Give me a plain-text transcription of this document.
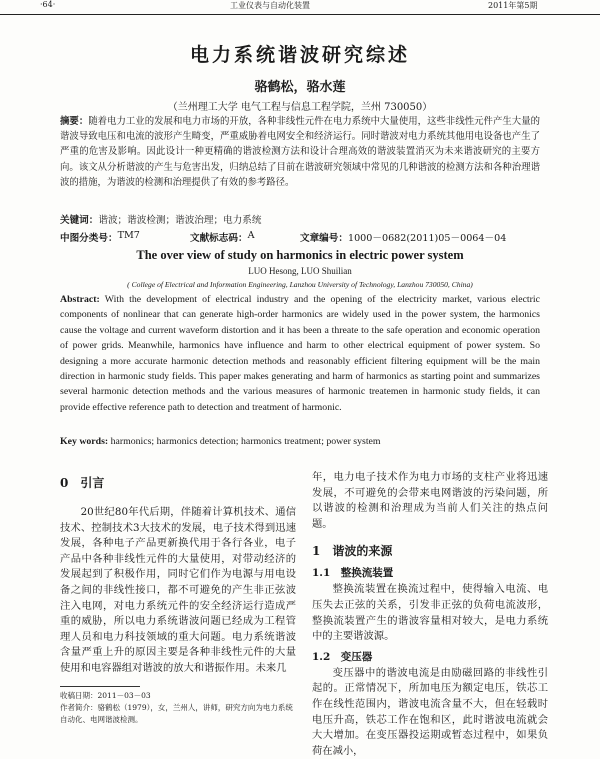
·64·	工业仪表与自动化装置	2011年第5期
电力系统谐波研究综述
骆鹤松，骆水莲
（兰州理工大学 电气工程与信息工程学院，兰州 730050）
摘要：随着电力工业的发展和电力市场的开放，各种非线性元件在电力系统中大量使用，这些非线性元件产生大量的谐波导致电压和电流的波形产生畸变，严重威胁着电网安全和经济运行。同时谐波对电力系统其他用电设备也产生了严重的危害及影响。因此设计一种更精确的谐波检测方法和设计合理高效的谐波装置消灭为未来谐波研究的主要方向。该文从分析谐波的产生与危害出发，归纳总结了目前在谐波研究领域中常见的几种谐波的检测方法和各种治理谐波的措施，为谐波的检测和治理提供了有效的参考路径。
关键词：谐波；谐波检测；谐波治理；电力系统
中图分类号： TM7	文献标志码： A	文章编号： 1000－0682(2011)05－0064－04
The over view of study on harmonics in electric power system
LUO Hesong, LUO Shuilian
( College of Electrical and Information Engineering, Lanzhou University of Technology, Lanzhou 730050, China)
Abstract: With the development of electrical industry and the opening of the electricity market, various electric components of nonlinear that can generate high-order harmonics are widely used in the power system, the harmonics cause the voltage and current waveform distortion and it has been a threate to the safe operation and economic operation of power grids. Meanwhile, harmonics have influence and harm to other electrical equipment of power system. So designing a more accurate harmonic detection methods and reasonably efficient filtering equipment will be the main direction in harmonic study fields. This paper makes generating and harm of harmonics as starting point and summarizes several harmonic detection methods and the various measures of harmonic treatemen in harmonic study fields, it can provide effective reference path to detection and treatment of harmonic.
Key words: harmonics; harmonics detection; harmonics treatment; power system
0　引言

20世纪80年代后期，伴随着计算机技术、通信技术、控制技术3大技术的发展，电子技术得到迅速发展，各种电子产品更新换代用于各行各业，电子产品中各种非线性元件的大量使用，对带动经济的发展起到了积极作用，同时它们作为电源与用电设备之间的非线性接口，都不可避免的产生非正弦波注入电网，对电力系统元件的安全经济运行造成严重的威胁，所以电力系统谐波问题已经成为工程管理人员和电力科技领域的重大问题。电力系统谐波含量严重上升的原因主要是各种非线性元件的大量使用和电容器组对谐波的放大和谐振作用。未来几

年，电力电子技术作为电力市场的支柱产业将迅速发展，不可避免的会带来电网谐波的污染问题，所以谐波的检测和治理成为当前人们关注的热点问题。

1　谐波的来源
1.1　整换流装置

整换流装置在换流过程中，使得输入电流、电压失去正弦的关系，引发非正弦的负荷电流波形，整换流装置产生的谐波容量相对较大，是电力系统中的主要谐波源。

1.2　变压器

变压器中的谐波电流是由励磁回路的非线性引起的。正常情况下，所加电压为额定电压，铁芯工作在线性范围内，谐波电流含量不大，但在轻载时电压升高，铁芯工作在饱和区，此时谐波电流就会大大增加。在变压器投运期或暂态过程中，如果负荷在减小，

收稿日期：2011－03－03
作者简介：骆鹤松（1979），女，兰州人，讲师，研究方向为电力系统自动化、电网谐波检测。
